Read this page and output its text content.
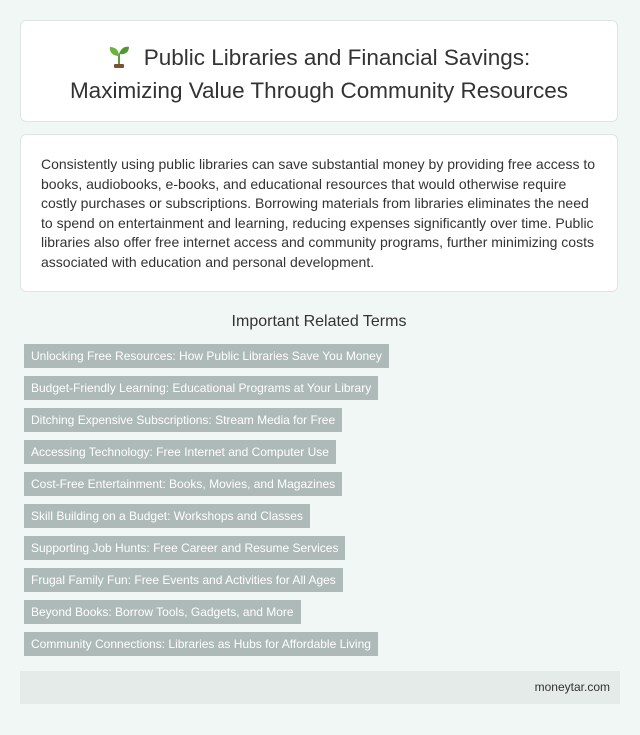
Public Libraries and Financial Savings:
Maximizing Value Through Community Resources

Consistently using public libraries can save substantial money by providing free access to books, audiobooks, e-books, and educational resources that would otherwise require costly purchases or subscriptions. Borrowing materials from libraries eliminates the need to spend on entertainment and learning, reducing expenses significantly over time. Public libraries also offer free internet access and community programs, further minimizing costs associated with education and personal development.

Important Related Terms
Unlocking Free Resources: How Public Libraries Save You Money
Budget-Friendly Learning: Educational Programs at Your Library
Ditching Expensive Subscriptions: Stream Media for Free
Accessing Technology: Free Internet and Computer Use
Cost-Free Entertainment: Books, Movies, and Magazines
Skill Building on a Budget: Workshops and Classes
Supporting Job Hunts: Free Career and Resume Services
Frugal Family Fun: Free Events and Activities for All Ages
Beyond Books: Borrow Tools, Gadgets, and More
Community Connections: Libraries as Hubs for Affordable Living
moneytar.com
